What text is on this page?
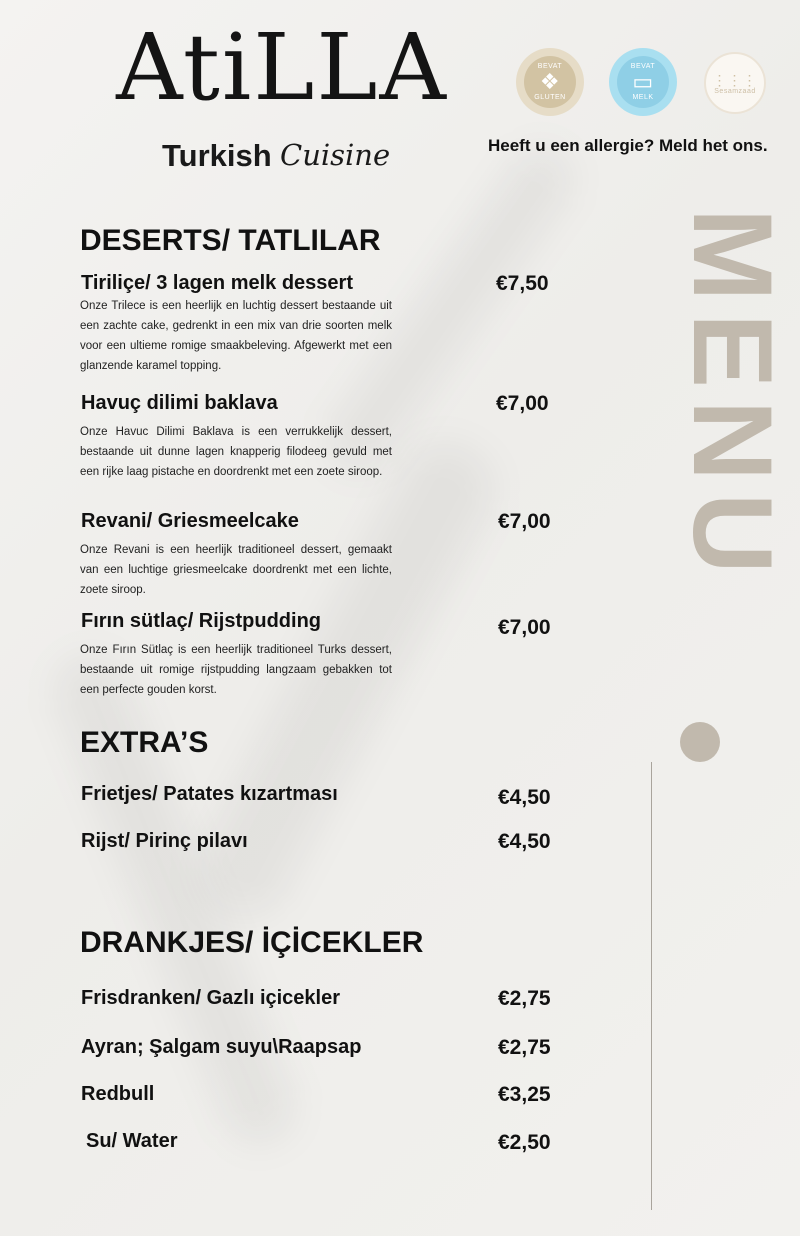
AtiLLA
Turkish Cuisine
BEVAT
❖
GLUTEN
BEVAT
▭
MELK
⋮⋮⋮
Sesamzaad
Heeft u een allergie? Meld het ons.
MENU
DESERTS/ TATLILAR
Tiriliçe/ 3 lagen melk dessert	€7,50
Onze Trilece is een heerlijk en luchtig dessert bestaande uit een zachte cake, gedrenkt in een mix van drie soorten melk voor een ultieme romige smaakbeleving. Afgewerkt met een glanzende karamel topping.
Havuç dilimi baklava	€7,00
Onze Havuc Dilimi Baklava is een verrukkelijk dessert, bestaande uit dunne lagen knapperig filodeeg gevuld met een rijke laag pistache en doordrenkt met een zoete siroop.
Revani/ Griesmeelcake	€7,00
Onze Revani is een heerlijk traditioneel dessert, gemaakt van een luchtige griesmeelcake doordrenkt met een lichte, zoete siroop.
Fırın sütlaç/ Rijstpudding	€7,00
Onze Fırın Sütlaç is een heerlijk traditioneel Turks dessert, bestaande uit romige rijstpudding langzaam gebakken tot een perfecte gouden korst.
EXTRA’S
Frietjes/ Patates kızartması	€4,50
Rijst/ Pirinç pilavı	€4,50
DRANKJES/ İÇİCEKLER
Frisdranken/ Gazlı içicekler	€2,75
Ayran; Şalgam suyu\Raapsap	€2,75
Redbull	€3,25
Su/ Water	€2,50
